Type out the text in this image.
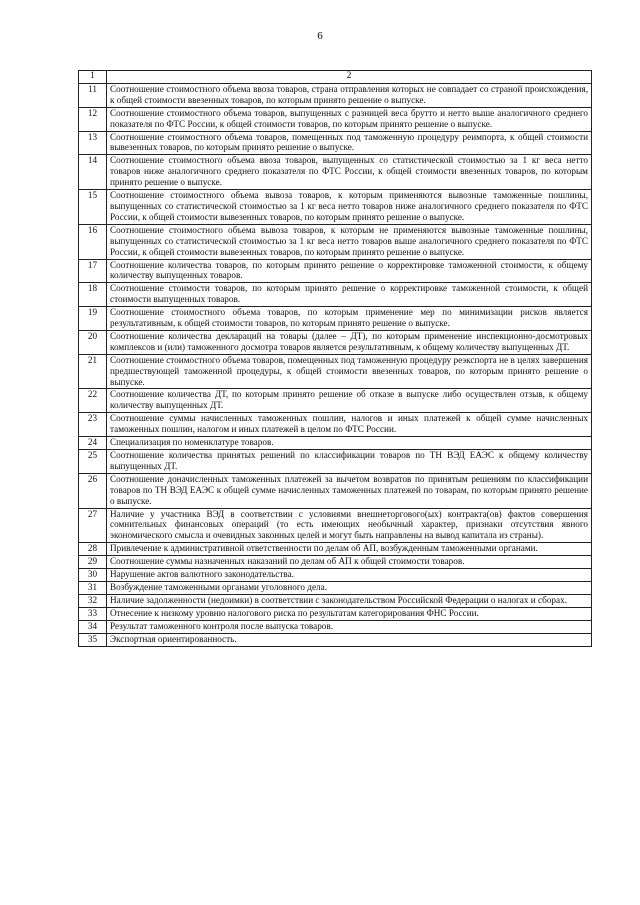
6
1	2
11	Соотношение стоимостного объема ввоза товаров, страна отправления которых не совпадает со страной происхождения, к общей стоимости ввезенных товаров, по которым принято решение о выпуске.
12	Соотношение стоимостного объема товаров, выпущенных с разницей веса брутто и нетто выше аналогичного среднего показателя по ФТС России, к общей стоимости товаров, по которым принято решение о выпуске.
13	Соотношение стоимостного объема товаров, помещенных под таможенную процедуру реимпорта, к общей стоимости вывезенных товаров, по которым принято решение о выпуске.
14	Соотношение стоимостного объема ввоза товаров, выпущенных со статистической стоимостью за 1 кг веса нетто товаров ниже аналогичного среднего показателя по ФТС России, к общей стоимости ввезенных товаров, по которым принято решение о выпуске.
15	Соотношение стоимостного объема вывоза товаров, к которым применяются вывозные таможенные пошлины, выпущенных со статистической стоимостью за 1 кг веса нетто товаров ниже аналогичного среднего показателя по ФТС России, к общей стоимости вывезенных товаров, по которым принято решение о выпуске.
16	Соотношение стоимостного объема вывоза товаров, к которым не применяются вывозные таможенные пошлины, выпущенных со статистической стоимостью за 1 кг веса нетто товаров выше аналогичного среднего показателя по ФТС России, к общей стоимости вывезенных товаров, по которым принято решение о выпуске.
17	Соотношение количества товаров, по которым принято решение о корректировке таможенной стоимости, к общему количеству выпущенных товаров.
18	Соотношение стоимости товаров, по которым принято решение о корректировке таможенной стоимости, к общей стоимости выпущенных товаров.
19	Соотношение стоимостного объема товаров, по которым применение мер по минимизации рисков является результативным, к общей стоимости товаров, по которым принято решение о выпуске.
20	Соотношение количества деклараций на товары (далее – ДТ), по которым применение инспекционно-досмотровых комплексов и (или) таможенного досмотра товаров является результативным, к общему количеству выпущенных ДТ.
21	Соотношение стоимостного объема товаров, помещенных под таможенную процедуру реэкспорта не в целях завершения предшествующей таможенной процедуры, к общей стоимости ввезенных товаров, по которым принято решение о выпуске.
22	Соотношение количества ДТ, по которым принято решение об отказе в выпуске либо осуществлен отзыв, к общему количеству выпущенных ДТ.
23	Соотношение суммы начисленных таможенных пошлин, налогов и иных платежей к общей сумме начисленных таможенных пошлин, налогом и иных платежей в целом по ФТС России.
24	Специализация по номенклатуре товаров.
25	Соотношение количества принятых решений по классификации товаров по ТН ВЭД ЕАЭС к общему количеству выпущенных ДТ.
26	Соотношение доначисленных таможенных платежей за вычетом возвратов по принятым решениям по классификации товаров по ТН ВЭД ЕАЭС к общей сумме начисленных таможенных платежей по товарам, по которым принято решение о выпуске.
27	Наличие у участника ВЭД в соответствии с условиями внешнеторгового(ых) контракта(ов) фактов совершения сомнительных финансовых операций (то есть имеющих необычный характер, признаки отсутствия явного экономического смысла и очевидных законных целей и могут быть направлены на вывод капитала из страны).
28	Привлечение к административной ответственности по делам об АП, возбужденным таможенными органами.
29	Соотношение суммы назначенных наказаний по делам об АП к общей стоимости товаров.
30	Нарушение актов валютного законодательства.
31	Возбуждение таможенными органами уголовного дела.
32	Наличие задолженности (недоимки) в соответствии с законодательством Российской Федерации о налогах и сборах.
33	Отнесение к низкому уровню налогового риска по результатам категорирования ФНС России.
34	Результат таможенного контроля после выпуска товаров.
35	Экспортная ориентированность.
